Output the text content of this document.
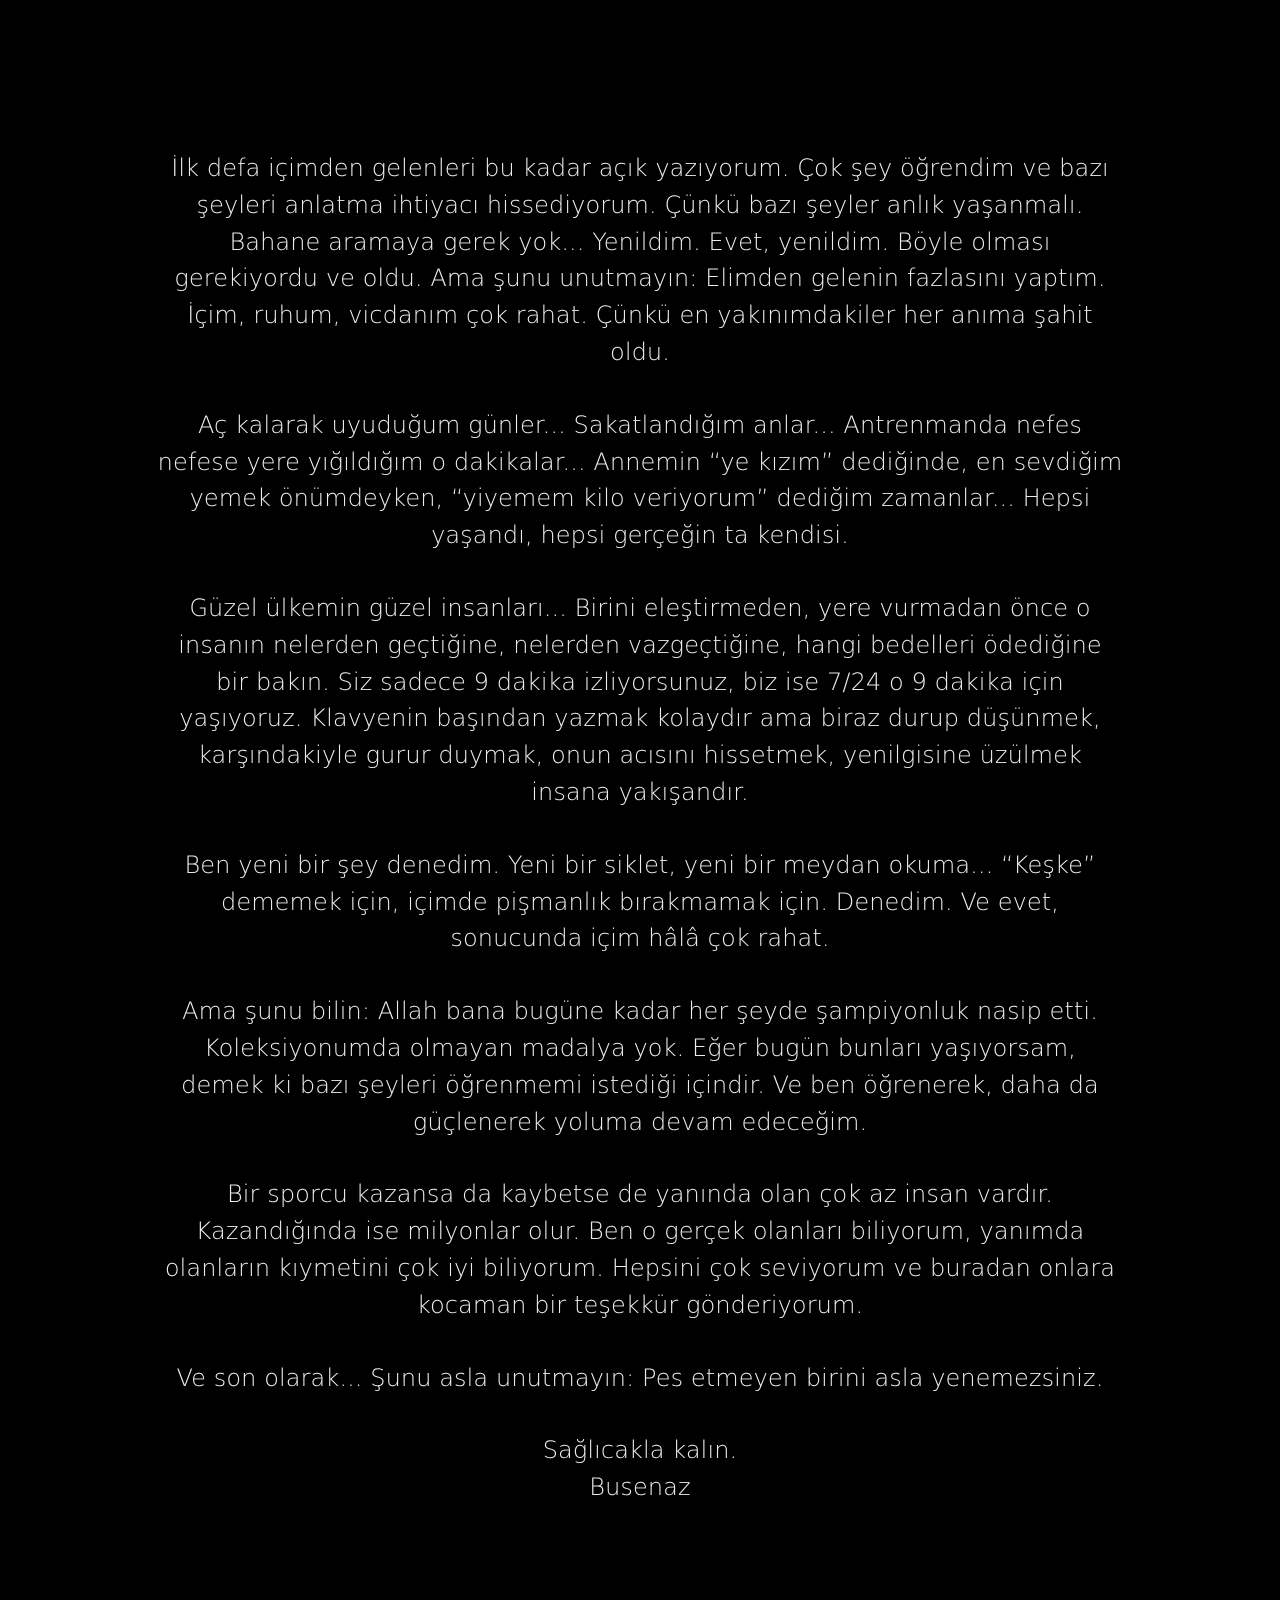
İlk defa içimden gelenleri bu kadar açık yazıyorum. Çok şey öğrendim ve bazı
şeyleri anlatma ihtiyacı hissediyorum. Çünkü bazı şeyler anlık yaşanmalı.
Bahane aramaya gerek yok... Yenildim. Evet, yenildim. Böyle olması
gerekiyordu ve oldu. Ama şunu unutmayın: Elimden gelenin fazlasını yaptım.
İçim, ruhum, vicdanım çok rahat. Çünkü en yakınımdakiler her anıma şahit
oldu.

Aç kalarak uyuduğum günler... Sakatlandığım anlar... Antrenmanda nefes
nefese yere yığıldığım o dakikalar... Annemin “ye kızım” dediğinde, en sevdiğim
yemek önümdeyken, “yiyemem kilo veriyorum” dediğim zamanlar... Hepsi
yaşandı, hepsi gerçeğin ta kendisi.

Güzel ülkemin güzel insanları... Birini eleştirmeden, yere vurmadan önce o
insanın nelerden geçtiğine, nelerden vazgeçtiğine, hangi bedelleri ödediğine
bir bakın. Siz sadece 9 dakika izliyorsunuz, biz ise 7/24 o 9 dakika için
yaşıyoruz. Klavyenin başından yazmak kolaydır ama biraz durup düşünmek,
karşındakiyle gurur duymak, onun acısını hissetmek, yenilgisine üzülmek
insana yakışandır.

Ben yeni bir şey denedim. Yeni bir siklet, yeni bir meydan okuma... “Keşke”
dememek için, içimde pişmanlık bırakmamak için. Denedim. Ve evet,
sonucunda içim hâlâ çok rahat.

Ama şunu bilin: Allah bana bugüne kadar her şeyde şampiyonluk nasip etti.
Koleksiyonumda olmayan madalya yok. Eğer bugün bunları yaşıyorsam,
demek ki bazı şeyleri öğrenmemi istediği içindir. Ve ben öğrenerek, daha da
güçlenerek yoluma devam edeceğim.

Bir sporcu kazansa da kaybetse de yanında olan çok az insan vardır.
Kazandığında ise milyonlar olur. Ben o gerçek olanları biliyorum, yanımda
olanların kıymetini çok iyi biliyorum. Hepsini çok seviyorum ve buradan onlara
kocaman bir teşekkür gönderiyorum.

Ve son olarak... Şunu asla unutmayın: Pes etmeyen birini asla yenemezsiniz.

Sağlıcakla kalın.
Busenaz
